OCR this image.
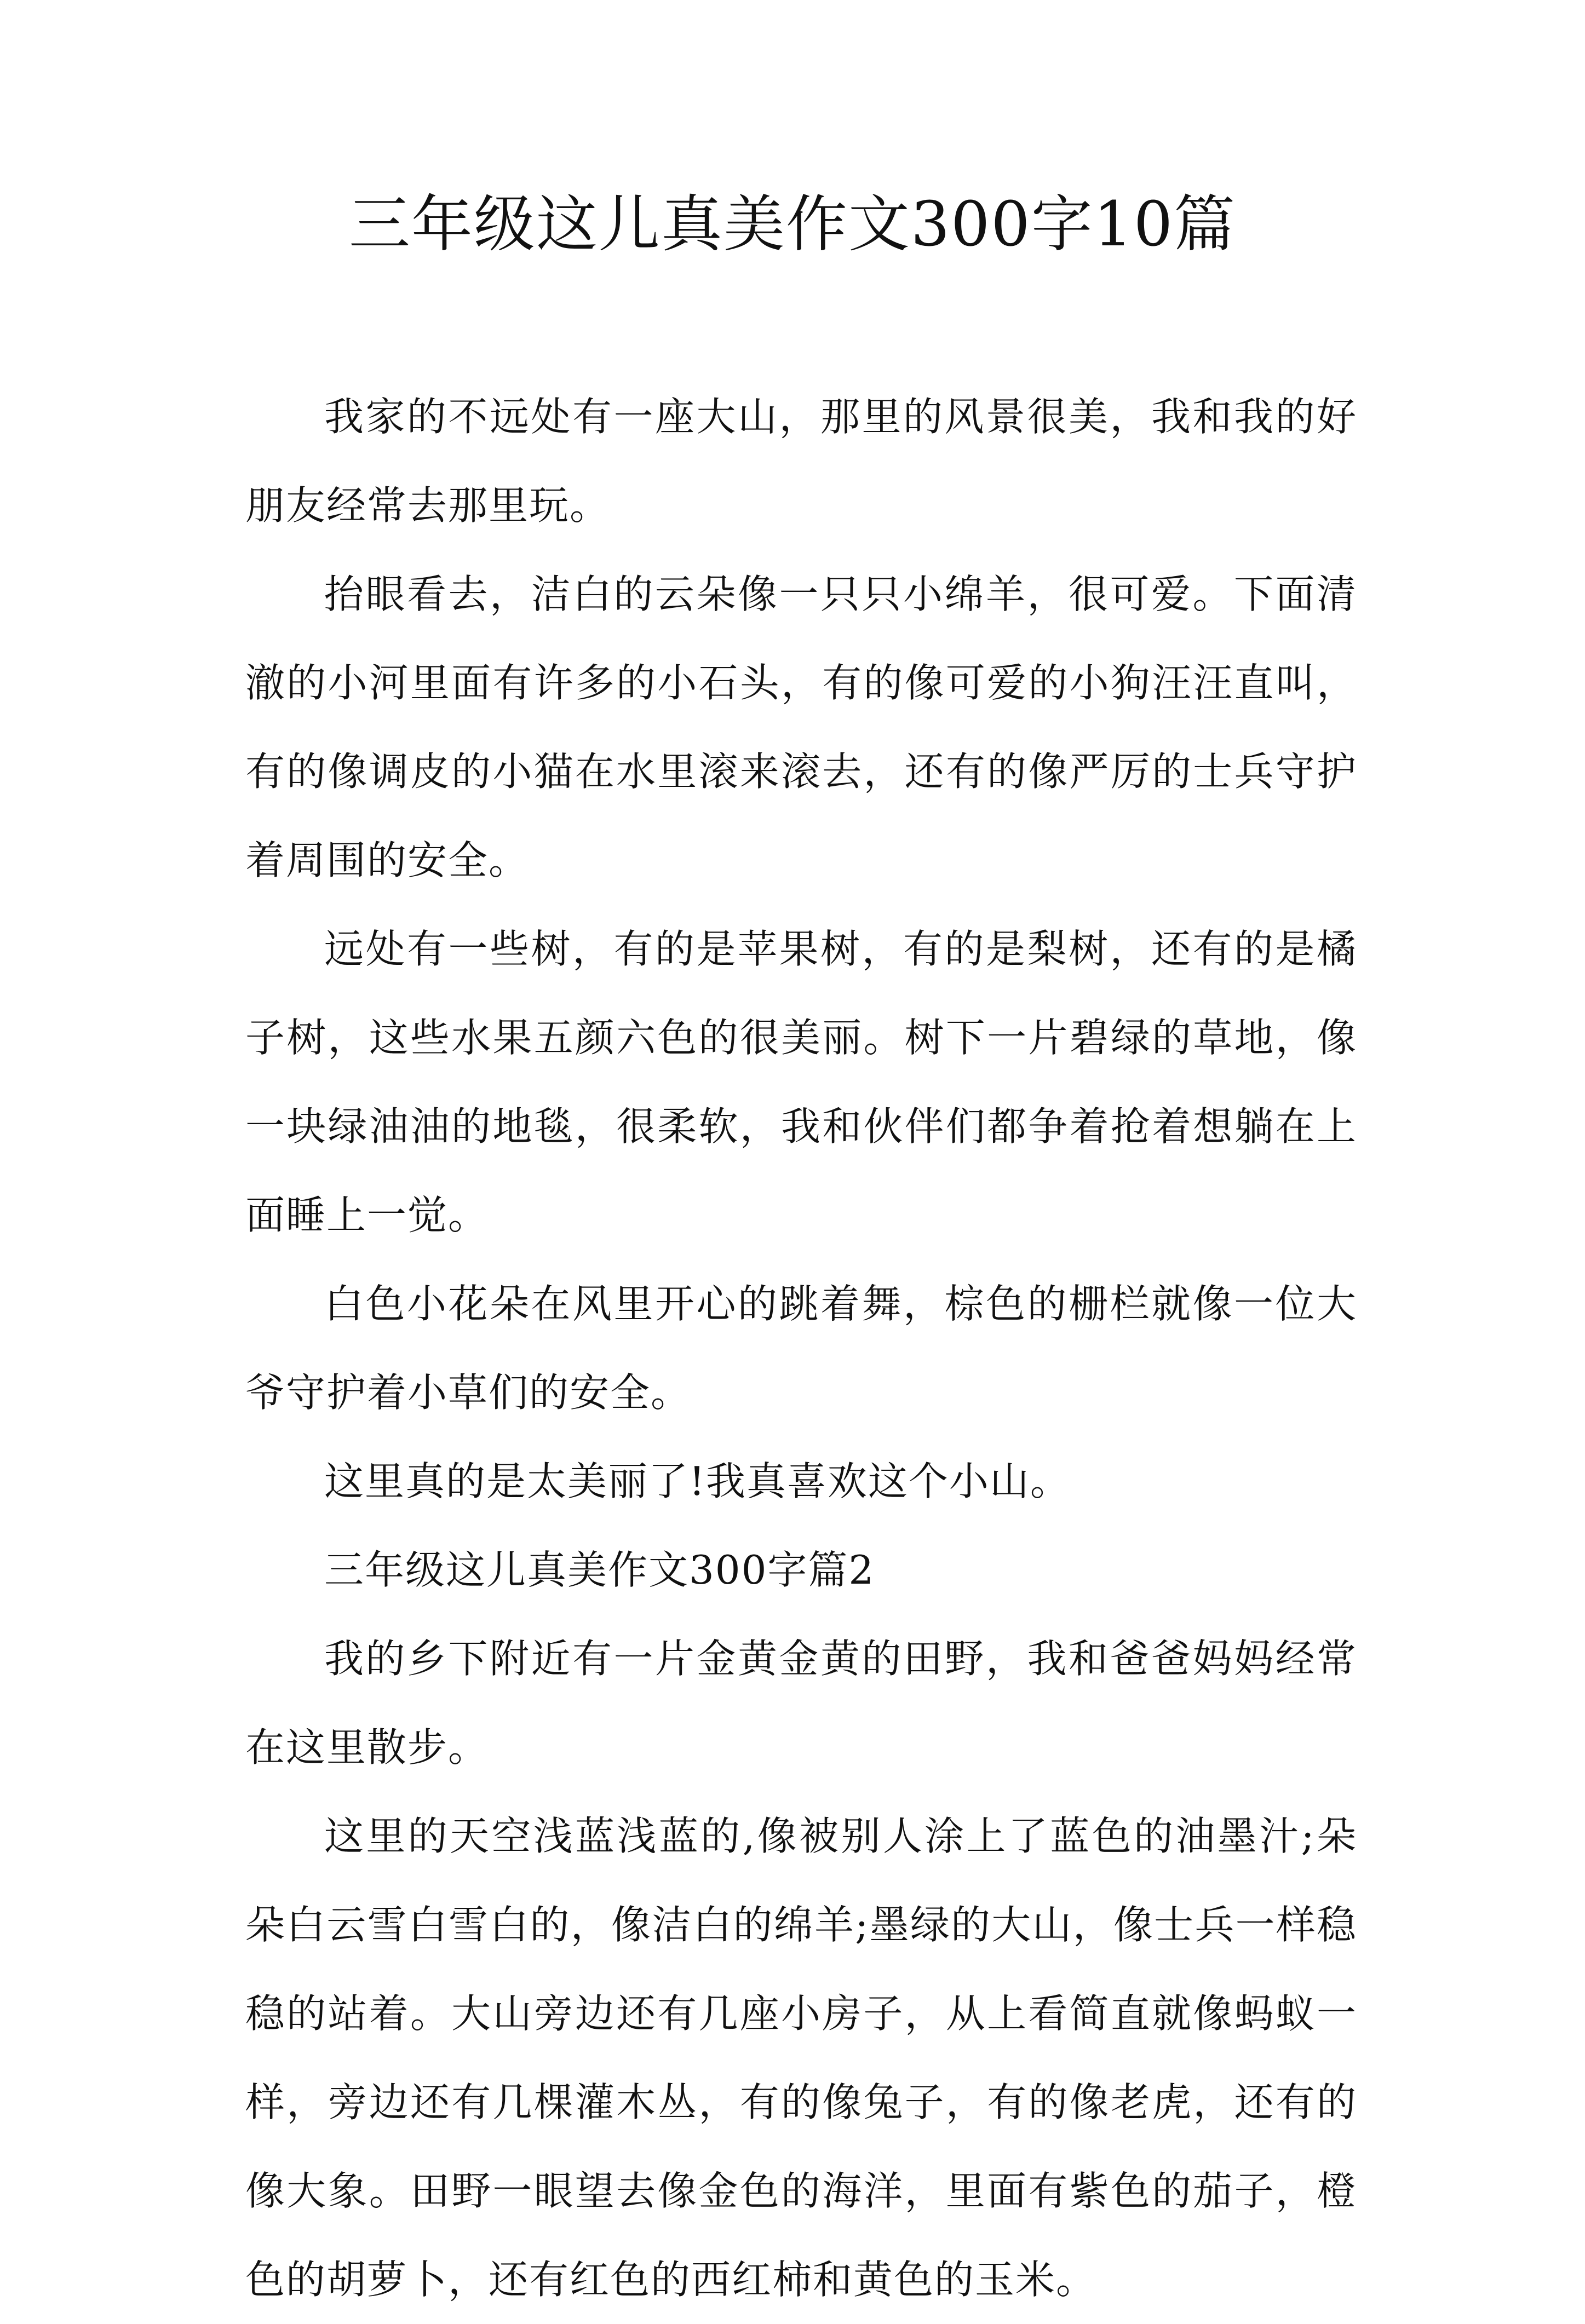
三年级这儿真美作文300字10篇

我家的不远处有一座大山，那里的风景很美，我和我的好朋友经常去那里玩。

抬眼看去，洁白的云朵像一只只小绵羊，很可爱。下面清澈的小河里面有许多的小石头，有的像可爱的小狗汪汪直叫，有的像调皮的小猫在水里滚来滚去，还有的像严厉的士兵守护着周围的安全。

远处有一些树，有的是苹果树，有的是梨树，还有的是橘子树，这些水果五颜六色的很美丽。树下一片碧绿的草地，像一块绿油油的地毯，很柔软，我和伙伴们都争着抢着想躺在上面睡上一觉。

白色小花朵在风里开心的跳着舞，棕色的栅栏就像一位大爷守护着小草们的安全。

这里真的是太美丽了!我真喜欢这个小山。

三年级这儿真美作文300字篇2

我的乡下附近有一片金黄金黄的田野，我和爸爸妈妈经常在这里散步。

这里的天空浅蓝浅蓝的,像被别人涂上了蓝色的油墨汁;朵朵白云雪白雪白的，像洁白的绵羊;墨绿的大山，像士兵一样稳稳的站着。大山旁边还有几座小房子，从上看简直就像蚂蚁一样，旁边还有几棵灌木丛，有的像兔子，有的像老虎，还有的像大象。田野一眼望去像金色的海洋，里面有紫色的茄子，橙色的胡萝卜，还有红色的西红柿和黄色的玉米。
